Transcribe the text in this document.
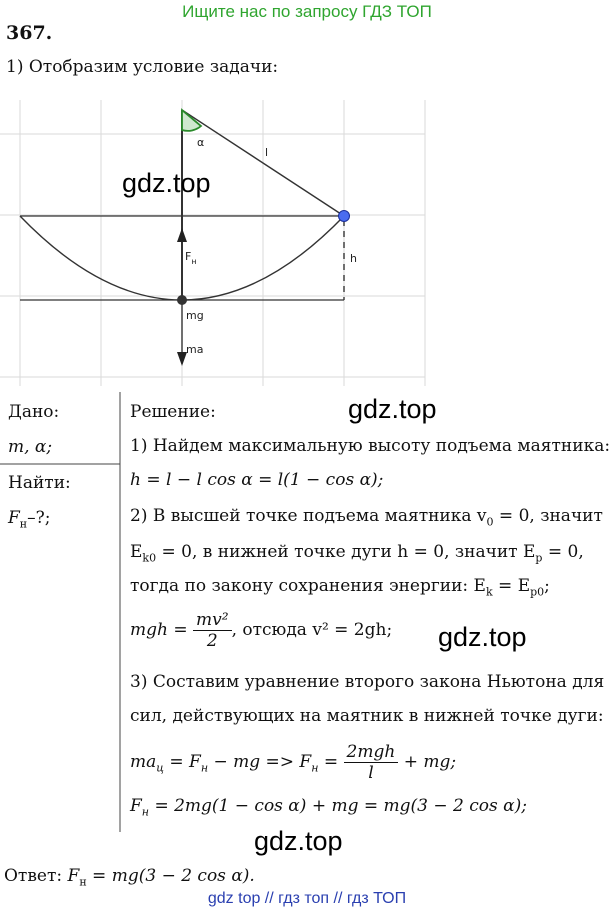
Ищите нас по запросу ГДЗ ТОП
367.
1) Отобразим условие задачи:
α
l
h
$F_н$
mg
ma
gdz.top
Дано:
m, α;
Найти:
$F_н-$?;
Решение:	gdz.top
1) Найдем максимальную высоту подъема маятника:
h = l − l cos α = l(1 − cos α);
2) В высшей точке подъема маятника $v_0 = 0$, значит
$E_{k0} = 0$, в нижней точке дуги h = 0, значит $E_p = 0$,
тогда по закону сохранения энергии: $E_k = E_{p0}$;
mgh = $\frac{\text{mv²}}{2}$ , отсюда v² = 2gh; gdz.top
3) Составим уравнение второго закона Ньютона для
сил, действующих на маятник в нижней точке дуги:
$ma_ц = F_н$ − mg => $F_н = \frac{\text{2mgh}}{l}$ + mg;
$F_н = 2mg(1 - \cos \alpha)$ + mg = mg(3 − 2 cos α);
gdz.top
Ответ: $F_н = mg(3 - 2$ cos α).
gdz top // гдз топ // гдз ТОП
